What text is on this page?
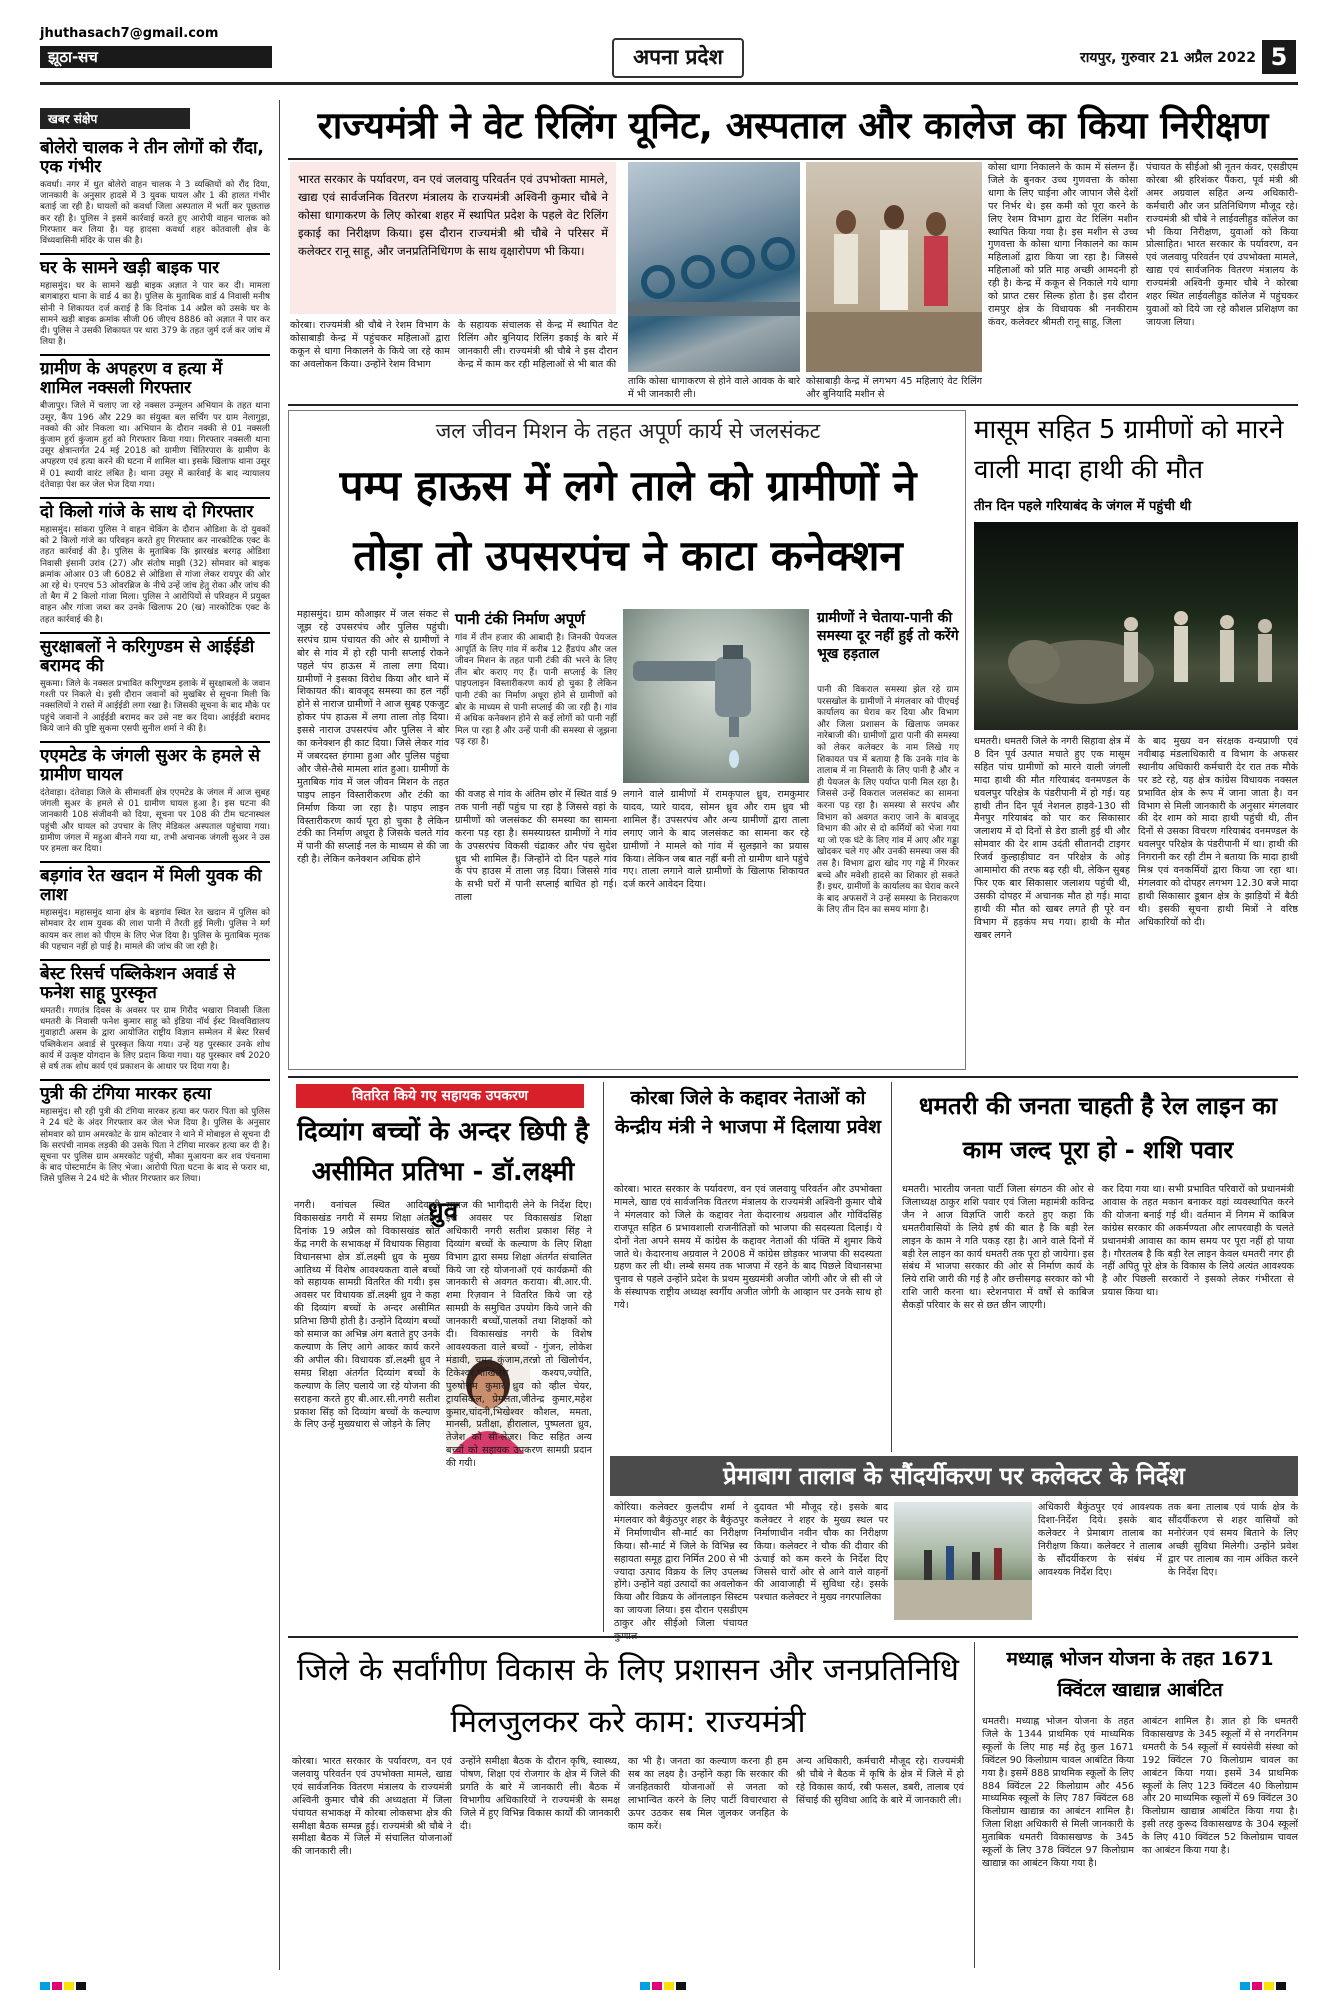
jhuthasach7@gmail.com
झूठा-सच	अपना प्रदेश	रायपुर, गुरुवार 21 अप्रैल 2022 5
खबर संक्षेप
बोलेरो चालक ने तीन लोगों को रौंदा, एक गंभीर

कवर्धा। नगर में धुत बोलेरो वाहन चालक ने 3 व्यक्तियों को रौंद दिया, जानकारी के अनुसार हादसे में 3 युवक घायल और 1 की हालत गंभीर बताई जा रही है। घायलों को कवर्धा जिला अस्पताल में भर्ती कर पूछताछ कर रही है। पुलिस ने इसमें कार्रवाई करते हुए आरोपी वाहन चालक को गिरफ्तार कर लिया है। यह हादसा कवर्धा शहर कोतवाली क्षेत्र के विंध्यवासिनी मंदिर के पास की है।

घर के सामने खड़ी बाइक पार

महासमुंद। घर के सामने खड़ी बाइक अज्ञात ने पार कर दी। मामला बागबाहरा थाना के वार्ड 4 का है। पुलिस के मुताबिक वार्ड 4 निवासी मनीष सोनी ने शिकायत दर्ज कराई है कि दिनांक 14 अप्रैल को उसके घर के सामने खड़ी बाइक क्रमांक सीजी 06 जीएच 8886 को अज्ञात ने पार कर दी। पुलिस ने उसकी शिकायत पर धारा 379 के तहत जुर्म दर्ज कर जांच में लिया है।

ग्रामीण के अपहरण व हत्या में शामिल नक्सली गिरफ्तार

बीजापुर। जिले में चलाए जा रहे नक्सल उन्मूलन अभियान के तहत थाना उसूर, कैंप 196 और 229 का संयुक्त बल सर्चिंग पर ग्राम नेलागुड़ा, नक्को की ओर निकला था। अभियान के दौरान नक्की से 01 नक्सली कुंजाम हुर्रा कुंजाम हुर्रा को गिरफ्तार किया गया। गिरफ्तार नक्सली थाना उसूर क्षेत्रान्तर्गत 24 मई 2018 को ग्रामीण चिंतिरपारा के ग्रामीण के अपहरण एवं हत्या करने की घटना में शामिल था। इसके खिलाफ थाना उसूर में 01 स्थायी वारंट लंबित है। थाना उसूर में कार्रवाई के बाद न्यायालय दंतेवाड़ा पेश कर जेल भेज दिया गया।

दो किलो गांजे के साथ दो गिरफ्तार

महासमुंद। सांकरा पुलिस ने वाहन चेकिंग के दौरान ओडिशा के दो युवकों को 2 किलो गांजे का परिवहन करते हुए गिरफ्तार कर नारकोटिक एक्ट के तहत कार्रवाई की है। पुलिस के मुताबिक कि झारखंड बरगढ़ ओडिशा निवासी इंसानी उरांव (27) और संतोष माझी (32) सोमवार को बाइक क्रमांक ओआर 03 जी 6082 से ओडिशा से गांजा लेकर रायपुर की ओर आ रहे थे। एनएच 53 ओवरब्रिज के नीचे उन्हें जांच हेतु रोका और जांच की तो बैग में 2 किलो गांजा मिला। पुलिस ने आरोपियों से परिवहन में प्रयुक्त वाहन और गांजा जब्त कर उनके खिलाफ 20 (ख) नारकोटिक एक्ट के तहत कार्रवाई की है।

सुरक्षाबलों ने करिगुण्डम से आईईडी बरामद की

सुकमा। जिले के नक्सल प्रभावित करिगुण्डम इलाके में सुरक्षाबलों के जवान गश्ती पर निकले थे। इसी दौरान जवानों को मुखबिर से सूचना मिली कि नक्सलियों ने रास्ते में आईईडी लगा रखा है। जिसकी सूचना के बाद मौके पर पहुंचे जवानों ने आईईडी बरामद कर उसे नष्ट कर दिया। आईईडी बरामद किये जाने की पुष्टि सुकमा एसपी सुनील शर्मा ने की है।

एएमटेड के जंगली सुअर के हमले से ग्रामीण घायल

दंतेवाड़ा। दंतेवाड़ा जिले के सीमावर्ती क्षेत्र एएमटेड के जंगल में आज सुबह जंगली सुअर के हमले से 01 ग्रामीण घायल हुआ है। इस घटना की जानकारी 108 संजीवनी को दिया, सूचना पर 108 की टीम घटनास्थल पहुंची और घायल को उपचार के लिए मेडिकल अस्पताल पहुंचाया गया। ग्रामीण जंगल में महुआ बीनने गया था, तभी अचानक जंगली सुअर ने उस पर हमला कर दिया।

बड़गांव रेत खदान में मिली युवक की लाश

महासमुंद। महासमुंद थाना क्षेत्र के बड़गांव स्थित रेत खदान में पुलिस को सोमवार देर शाम युवक की लाश पानी में तैरती हुई मिली। पुलिस ने मर्ग कायम कर लाश को पीएम के लिए भेज दिया है। पुलिस के मुताबिक मृतक की पहचान नहीं हो पाई है। मामले की जांच की जा रही है।

बेस्ट रिसर्च पब्लिकेशन अवार्ड से फनेश साहू पुरस्कृत

धमतरी। गणतंत्र दिवस के अवसर पर ग्राम गिरौद भखारा निवासी जिला धमतरी के निवासी फनेश कुमार साहू को इंडिया नॉर्थ ईस्ट विश्वविद्यालय गुवाहाटी असम के द्वारा आयोजित राष्ट्रीय विज्ञान सम्मेलन में बेस्ट रिसर्च पब्लिकेशन अवार्ड से पुरस्कृत किया गया। उन्हें यह पुरस्कार उनके शोध कार्य में उत्कृष्ट योगदान के लिए प्रदान किया गया। यह पुरस्कार वर्ष 2020 से वर्ष तक शोध कार्य एवं प्रकाशन के आधार पर दिया गया है।

पुत्री की टंगिया मारकर हत्या

महासमुंद। सौ रही पुत्री की टंगिया मारकर हत्या कर फरार पिता को पुलिस ने 24 घंटे के अंदर गिरफ्तार कर जेल भेज दिया है। पुलिस के अनुसार सोमवार को ग्राम अमरकोट के ग्राम कोटवार ने थाने में मोबाइल से सूचना दी कि सरपंची नामक लड़की की उसके पिता ने टंगिया मारकर हत्या कर दी है। सूचना पर पुलिस ग्राम अमरकोट पहुंची, मौका मुआयना कर शव पंचनामा के बाद पोस्टमार्टम के लिए भेजा। आरोपी पिता घटना के बाद से फरार था, जिसे पुलिस ने 24 घंटे के भीतर गिरफ्तार कर लिया।

राज्यमंत्री ने वेट रिलिंग यूनिट, अस्पताल और कालेज का किया निरीक्षण
भारत सरकार के पर्यावरण, वन एवं जलवायु परिवर्तन एवं उपभोक्ता मामले, खाद्य एवं सार्वजनिक वितरण मंत्रालय के राज्यमंत्री अश्विनी कुमार चौबे ने कोसा धागाकरण के लिए कोरबा शहर में स्थापित प्रदेश के पहले वेट रिलिंग इकाई का निरीक्षण किया। इस दौरान राज्यमंत्री श्री चौबे ने परिसर में कलेक्टर रानू साहू, और जनप्रतिनिधिगण के साथ वृक्षारोपण भी किया।
कोरबा। राज्यमंत्री श्री चौबे ने रेशम विभाग के कोसाबाड़ी केन्द्र में पहुंचकर महिलाओं द्वारा ककून से धागा निकालने के किये जा रहे काम का अवलोकन किया। उन्होंने रेशम विभाग
के सहायक संचालक से केन्द्र में स्थापित वेट रिलिंग और बुनियाद रिलिंग इकाई के बारे में जानकारी ली। राज्यमंत्री श्री चौबे ने इस दौरान केन्द्र में काम कर रही महिलाओं से भी बात की
ताकि कोसा धागाकरण से होने वाले आवक के बारे में भी जानकारी ली।
कोसाबाड़ी केन्द्र में लगभग 45 महिलाएं वेट रिलिंग और बुनियादि मशीन से
कोसा धागा निकालने के काम में संलग्न हैं। जिले के बुनकर उच्च गुणवत्ता के कोसा धागा के लिए चाईना और जापान जैसे देशों पर निर्भर थे। इस कमी को पूरा करने के लिए रेशम विभाग द्वारा वेट रिलिंग मशीन स्थापित किया गया है। इस मशीन से उच्च गुणवत्ता के कोसा धागा निकालने का काम महिलाओं द्वारा किया जा रहा है। जिससे महिलाओं को प्रति माह अच्छी आमदनी हो रही है। केन्द्र में ककून से निकाले गये धागा को प्राप्त टसर सिल्क होता है। इस दौरान रामपुर क्षेत्र के विधायक श्री ननकीराम कंवर, कलेक्टर श्रीमती रानू साहू, जिला
पंचायत के सीईओ श्री नूतन कंवर, एसडीएम कोरबा श्री हरिशंकर पैंकरा, पूर्व मंत्री श्री अमर अग्रवाल सहित अन्य अधिकारी-कर्मचारी और जन प्रतिनिधिगण मौजूद रहे। राज्यमंत्री श्री चौबे ने लाईवलीहुड कॉलेज का भी किया निरीक्षण, युवाओं को किया प्रोत्साहित। भारत सरकार के पर्यावरण, वन एवं जलवायु परिवर्तन एवं उपभोक्ता मामले, खाद्य एवं सार्वजनिक वितरण मंत्रालय के राज्यमंत्री अश्विनी कुमार चौबे ने कोरबा शहर स्थित लाईवलीहुड कॉलेज में पहुंचकर युवाओं को दिये जा रहे कौशल प्रशिक्षण का जायजा लिया।
जल जीवन मिशन के तहत अपूर्ण कार्य से जलसंकट
पम्प हाऊस में लगे ताले को ग्रामीणों ने तोड़ा तो उपसरपंच ने काटा कनेक्शन
महासमुंद। ग्राम कौआझर में जल संकट से जूझ रहे उपसरपंच और पुलिस पहुंची। सरपंच ग्राम पंचायत की ओर से ग्रामीणों ने बोर से गांव में हो रही पानी सप्लाई रोकने पहले पंप हाऊस में ताला लगा दिया। ग्रामीणों ने इसका विरोध किया और थाने में शिकायत की। बावजूद समस्या का हल नहीं होने से नाराज ग्रामीणों ने आज सुबह एकजुट होकर पंप हाऊस में लगा ताला तोड़ दिया। इससे नाराज उपसरपंच और पुलिस ने बोर का कनेक्शन ही काट दिया। जिसे लेकर गांव में जबरदस्त हंगामा हुआ और पुलिस पहुंचा और जैसे-तैसे मामला शांत हुआ। ग्रामीणों के मुताबिक गांव में जल जीवन मिशन के तहत पाइप लाइन विस्तारीकरण और टंकी का निर्माण किया जा रहा है। पाइप लाइन विस्तारीकरण कार्य पूरा हो चुका है लेकिन टंकी का निर्माण अधूरा है जिसके चलते गांव में पानी की सप्लाई नल के माध्यम से की जा रही है। लेकिन कनेक्शन अधिक होने
पानी टंकी निर्माण अपूर्ण
गांव में तीन हजार की आबादी है। जिनकी पेयजल आपूर्ति के लिए गांव में करीब 12 हैंडपंप और जल जीवन मिशन के तहत पानी टंकी की भरने के लिए तीन बोर कराए गए हैं। पानी सप्लाई के लिए पाइपलाइन विस्तारीकरण कार्य हो चुका है लेकिन पानी टंकी का निर्माण अधूरा होने से ग्रामीणों को बोर के माध्यम से पानी सप्लाई की जा रही है। गांव में अधिक कनेक्शन होने से कई लोगों को पानी नहीं मिल पा रहा है और उन्हें पानी की समस्या से जूझना पड़ रहा है।
की वजह से गांव के अंतिम छोर में स्थित वार्ड 9 तक पानी नहीं पहुंच पा रहा है जिससे वहां के ग्रामीणों को जलसंकट की समस्या का सामना करना पड़ रहा है। समस्याग्रस्त ग्रामीणों ने गांव के उपसरपंच विकसी चंद्राकर और पंच सुदेश ध्रुव भी शामिल हैं। जिन्होंने दो दिन पहले गांव के पंप हाउस में ताला जड़ दिया। जिससे गांव के सभी घरों में पानी सप्लाई बाधित हो गई। ताला
लगाने वाले ग्रामीणों में रामकृपाल ध्रुव, रामकुमार यादव, प्यारे यादव, सोमन ध्रुव और राम ध्रुव भी शामिल हैं। उपसरपंच और अन्य ग्रामीणों द्वारा ताला लगाए जाने के बाद जलसंकट का सामना कर रहे ग्रामीणों ने मामले को गांव में सुलझाने का प्रयास किया। लेकिन जब बात नहीं बनी तो ग्रामीण थाने पहुंचे गए। ताला लगाने वाले ग्रामीणों के खिलाफ शिकायत दर्ज करने आवेदन दिया।
ग्रामीणों ने चेताया-पानी की समस्या दूर नहीं हुई तो करेंगे भूख हड़ताल
पानी की विकराल समस्या झेल रहे ग्राम परसखोल के ग्रामीणों ने मंगलवार को पीएचई कार्यालय का घेराव कर दिया और विभाग और जिला प्रशासन के खिलाफ जमकर नारेबाजी की। ग्रामीणों द्वारा पानी की समस्या को लेकर कलेक्टर के नाम लिखे गए शिकायत पत्र में बताया है कि उनके गांव के तालाब में ना निस्तारी के लिए पानी है और न ही पेयजल के लिए पर्याप्त पानी मिल रहा है। जिससे उन्हें विकराल जलसंकट का सामना करना पड़ रहा है। समस्या से सरपंच और विभाग को अवगत कराए जाने के बावजूद विभाग की ओर से दो कर्मियों को भेजा गया था जो एक घंटे के लिए गांव में आए और गड्ढा खोदकर चले गए और उनकी समस्या जस की तस है। विभाग द्वारा खोद गए गड्ढे में गिरकर बच्चे और मवेशी हादसे का शिकार हो सकते हैं। इधर, ग्रामीणों के कार्यालय का घेराव करने के बाद अफसरों ने उन्हें समस्या के निराकरण के लिए तीन दिन का समय मांगा है।
मासूम सहित 5 ग्रामीणों को मारने वाली मादा हाथी की मौत
तीन दिन पहले गरियाबंद के जंगल में पहुंची थी
धमतरी। धमतरी जिले के नगरी सिहावा क्षेत्र में 8 दिन पूर्व उत्पात मचाते हुए एक मासूम सहित पांच ग्रामीणों को मारने वाली जंगली मादा हाथी की मौत गरियाबंद वनमण्डल के धवलपुर परिक्षेत्र के पंडरीपानी में हो गई। यह हाथी तीन दिन पूर्व नेशनल हाइवे-130 सी मैनपुर गरियाबंद को पार कर सिकासार जलाशय में दो दिनों से डेरा डाली हुई थी और सोमवार की देर शाम उदंती सीतानदी टाइगर रिजर्व कुल्हाड़ीघाट वन परिक्षेत्र के ओड़ आमामोरा की तरफ बढ़ रही थी, लेकिन सुबह फिर एक बार सिकासार जलाशय पहुंची थी, उसकी दोपहर में अचानक मौत हो गई। मादा हाथी की मौत को खबर लगते ही पूरे वन विभाग में हड़कंप मच गया। हाथी के मौत खबर लगने
के बाद मुख्य वन संरक्षक वन्यप्राणी एवं नवीबाढ़ मंडलाधिकारी व विभाग के अफसर स्थानीय अधिकारी कर्मचारी देर रात तक मौके पर डटे रहे, यह क्षेत्र कांग्रेस विधायक नक्सल प्रभावित क्षेत्र के रूप में जाना जाता है। वन विभाग से मिली जानकारी के अनुसार मंगलवार की देर शाम को मादा हाथी पहुंची थी, तीन दिनों से उसका विचरण गरियाबंद वनमण्डल के धवलपुर परिक्षेत्र के पंडरीपानी में था। हाथी की निगरानी कर रही टीम ने बताया कि मादा हाथी मिश्र एवं वनकर्मियों द्वारा किया जा रहा था। मंगलवार को दोपहर लगभग 12.30 बजे मादा हाथी सिकासार डूबान क्षेत्र के झाड़ियों में बैठी थी। इसकी सूचना हाथी मित्रों ने वरिष्ठ अधिकारियों को दी।
वितरित किये गए सहायक उपकरण
दिव्यांग बच्चों के अन्दर छिपी है असीमित प्रतिभा - डॉ.लक्ष्मी ध्रुव
नगरी। वनांचल स्थित आदिवासी विकासखंड नगरी में समग्र शिक्षा अंतर्गत दिनांक 19 अप्रैल को विकासखंड स्रोत केंद्र नगरी के सभाकक्ष में विधायक सिहावा विधानसभा क्षेत्र डॉ.लक्ष्मी ध्रुव के मुख्य आतिथ्य में विशेष आवश्यकता वाले बच्चों को सहायक सामग्री वितरित की गयी। इस अवसर पर विधायक डॉ.लक्ष्मी ध्रुव ने कहा की दिव्यांग बच्चों के अन्दर असीमित प्रतिभा छिपी होती है। उन्होंने दिव्यांग बच्चों को समाज का अभिन्न अंग बताते हुए उनके कल्याण के लिए आगे आकर कार्य करने की अपील की। विधायक डॉ.लक्ष्मी ध्रुव ने समग्र शिक्षा अंतर्गत दिव्यांग बच्चों के कल्याण के लिए चलाये जा रहे योजना की सराहना करते हुए बी.आर.सी.नगरी सतीश प्रकाश सिंह को दिव्यांग बच्चों के कल्याण के लिए उन्हें मुख्यधारा से जोड़ने के लिए
समाज की भागीदारी लेने के निर्देश दिए। इस अवसर पर विकासखंड शिक्षा अधिकारी नगरी सतीश प्रकाश सिंह ने दिव्यांग बच्चों के कल्याण के लिए शिक्षा विभाग द्वारा समग्र शिक्षा अंतर्गत संचालित किये जा रहे योजनाओं एवं कार्यक्रमों की जानकारी से अवगत कराया। बी.आर.पी. शमा रिज़वान ने वितरित किये जा रहे सामग्री के समुचित उपयोग किये जाने की जानकारी बच्चों,पालकों तथा शिक्षकों को दी। विकासखंड नगरी के विशेष आवश्यकता वाले बच्चों - गुंजन, लोकेश मंडावी, चमन कुंजाम,तरन्नो तो खिलोर्चन, टिकेश्वर,पोखिलेश कश्यप,ज्योति, पुरुषोत्तम कुमार ध्रुव को व्हील चेयर, ट्रायसिकल, प्रेमलता,जीतेन्द्र कुमार,महेश कुमार,चांदनी,भिखेश्वर कौशल, ममता, मानसी, प्रतीक्षा, हीरालाल, पुष्पलता ध्रुव, तेजेश को सी-लेज़र। किट सहित अन्य बच्चों को सहायक उपकरण सामग्री प्रदान की गयी।
कोरबा जिले के कद्दावर नेताओं को केन्द्रीय मंत्री ने भाजपा में दिलाया प्रवेश
कोरबा। भारत सरकार के पर्यावरण, वन एवं जलवायु परिवर्तन और उपभोक्ता मामले, खाद्य एवं सार्वजनिक वितरण मंत्रालय के राज्यमंत्री अश्विनी कुमार चौबे ने मंगलवार को जिले के कद्दावर नेता केदारनाथ अग्रवाल और गोविंदसिंह राजपूत सहित 6 प्रभावशाली राजनीतिज्ञों को भाजपा की सदस्यता दिलाई। ये दोनों नेता अपने समय में कांग्रेस के कद्दावर नेताओं की पंक्ति में शुमार किये जाते थे। केदारनाथ अग्रवाल ने 2008 में कांग्रेस छोड़कर भाजपा की सदस्यता ग्रहण कर ली थी। लम्बे समय तक भाजपा में रहने के बाद पिछले विधानसभा चुनाव से पहले उन्होंने प्रदेश के प्रथम मुख्यमंत्री अजीत जोगी और जे सी सी जे के संस्थापक राष्ट्रीय अध्यक्ष स्वर्गीय अजीत जोगी के आव्हान पर उनके साथ हो गये।
धमतरी की जनता चाहती है रेल लाइन का काम जल्द पूरा हो - शशि पवार
धमतरी। भारतीय जनता पार्टी जिला संगठन की ओर से जिलाध्यक्ष ठाकुर शशि पवार एवं जिला महामंत्री कविन्द्र जैन ने आज विज्ञप्ति जारी करते हुए कहा कि धमतरीवासियों के लिये हर्ष की बात है कि बड़ी रेल लाइन के काम ने गति पकड़ रहा है। आने वाले दिनों में बड़ी रेल लाइन का कार्य धमतरी तक पूरा हो जायेगा। इस संबंध में भाजपा सरकार की ओर से निर्माण कार्य के लिये राशि जारी की गई है और छत्तीसगढ़ सरकार को भी राशि जारी करना था। स्टेशनपारा में वर्षों से काबिज सैकड़ों परिवार के सर से छत छीन जाएगी।
कर दिया गया था। सभी प्रभावित परिवारों को प्रधानमंत्री आवास के तहत मकान बनाकर वहां व्यवस्थापित करने की योजना बनाई गई थी। वर्तमान में निगम में काबिज कांग्रेस सरकार की अकर्मण्यता और लापरवाही के चलते प्रधानमंत्री आवास का काम समय पर पूरा नहीं हो पाया है। गौरतलब है कि बड़ी रेल लाइन केवल धमतरी नगर ही नहीं अपितु पूरे क्षेत्र के विकास के लिये अत्यंत आवश्यक है और पिछली सरकारों ने इसको लेकर गंभीरता से प्रयास किया था।
प्रेमाबाग तालाब के सौंदर्यीकरण पर कलेक्टर के निर्देश
कोरिया। कलेक्टर कुलदीप शर्मा ने मंगलवार को बैकुंठपुर शहर के बैकुंठपुर में निर्माणाधीन सौ-मार्ट का निरीक्षण किया। सौ-मार्ट में जिले के विभिन्न स्व सहायता समूह द्वारा निर्मित 200 से भी ज्यादा उत्पाद विक्रय के लिए उपलब्ध होंगे। उन्होंने वहां उत्पादों का अवलोकन किया और विक्रय के ऑनलाइन सिस्टम का जायजा लिया। इस दौरान एसडीएम ठाकुर और सीईओ जिला पंचायत
दुदावत भी मौजूद रहे। इसके बाद कलेक्टर ने शहर के मुख्य स्थल पर निर्माणाधीन नवीन चौक का निरीक्षण किया। कलेक्टर ने चौक की दीवार की ऊंचाई को कम करने के निर्देश दिए जिससे चारों ओर से आने वाले वाहनों की आवाजाही में सुविधा रहे। इसके पश्चात कलेक्टर ने मुख्य नगरपालिका
अधिकारी बैकुंठपुर एवं आवश्यक दिशा-निर्देश दिये। इसके बाद कलेक्टर ने प्रेमाबाग तालाब का निरीक्षण किया। कलेक्टर ने तालाब के सौंदर्यीकरण के संबंध में आवश्यक निर्देश दिए।
तक बना तालाब एवं पार्क क्षेत्र के सौंदर्यीकरण से शहर वासियों को मनोरंजन एवं समय बिताने के लिए अच्छी सुविधा मिलेगी। उन्होंने प्रवेश द्वार पर तालाब का नाम अंकित करने के निर्देश दिए।
जिले के सर्वांगीण विकास के लिए प्रशासन और जनप्रतिनिधि मिलजुलकर करे काम: राज्यमंत्री
कोरबा। भारत सरकार के पर्यावरण, वन एवं जलवायु परिवर्तन एवं उपभोक्ता मामले, खाद्य एवं सार्वजनिक वितरण मंत्रालय के राज्यमंत्री अश्विनी कुमार चौबे की अध्यक्षता में जिला पंचायत सभाकक्ष में कोरबा लोकसभा क्षेत्र की समीक्षा बैठक सम्पन्न हुई। राज्यमंत्री श्री चौबे ने समीक्षा बैठक में जिले में संचालित योजनाओं की जानकारी ली।
उन्होंने समीक्षा बैठक के दौरान कृषि, स्वास्थ्य, पोषण, शिक्षा एवं रोजगार के क्षेत्र में जिले की प्रगति के बारे में जानकारी ली। बैठक में विभागीय अधिकारियों ने राज्यमंत्री के समक्ष जिले में हुए विभिन्न विकास कार्यों की जानकारी दी।
का भी है। जनता का कल्याण करना ही हम सब का लक्ष्य है। उन्होंने कहा कि सरकार की जनहितकारी योजनाओं से जनता को लाभान्वित करने के लिए पार्टी विचारधारा से ऊपर उठकर सब मिल जुलकर जनहित के काम करें।
अन्य अधिकारी, कर्मचारी मौजूद रहे। राज्यमंत्री श्री चौबे ने बैठक में कृषि के क्षेत्र में जिले में हो रहे विकास कार्य, रबी फसल, डबरी, तालाब एवं सिंचाई की सुविधा आदि के बारे में जानकारी ली।
मध्याह्न भोजन योजना के तहत 1671 क्विंटल खाद्यान्न आबंटित
धमतरी। मध्याह्न भोजन योजना के तहत जिले के 1344 प्राथमिक एवं माध्यमिक स्कूलों के लिए माह मई हेतु कुल 1671 क्विंटल 90 किलोग्राम चावल आबंटित किया गया है। इसमें 888 प्राथमिक स्कूलों के लिए 884 क्विंटल 22 किलोग्राम और 456 माध्यमिक स्कूलों के लिए 787 क्विंटल 68 किलोग्राम खाद्यान्न का आबंटन शामिल है। जिला शिक्षा अधिकारी से मिली जानकारी के मुताबिक धमतरी विकासखण्ड के 345 स्कूलों के लिए 378 क्विंटल 97 किलोग्राम खाद्यान्न का आबंटन किया गया है।
आबंटन शामिल है। ज्ञात हो कि धमतरी विकासखण्ड के 345 स्कूलों में से नगरनिगम धमतरी के 54 स्कूलों में स्वयंसेवी संस्था को 192 क्विंटल 70 किलोग्राम चावल का आबंटन किया गया। इसमें 34 प्राथमिक स्कूलों के लिए 123 क्विंटल 40 किलोग्राम और 20 माध्यमिक स्कूलों में 69 क्विंटल 30 किलोग्राम खाद्यान्न आबंटित किया गया है। इसी तरह कुरूद विकासखण्ड के 304 स्कूलों के लिए 410 क्विंटल 52 किलोग्राम चावल का आबंटन किया गया है।
